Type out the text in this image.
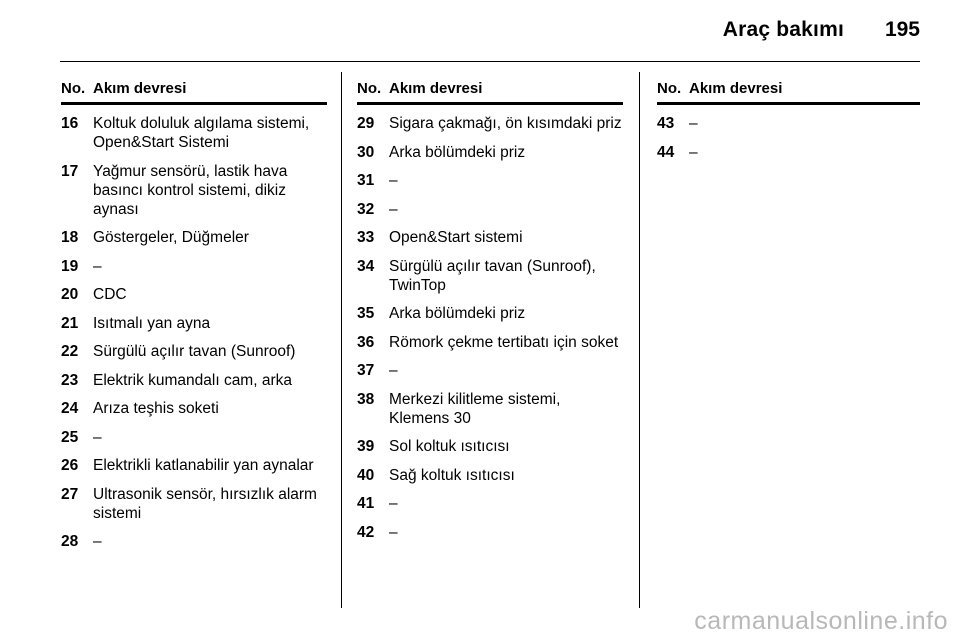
Araç bakımı 195
No. Akım devresi
16 Koltuk doluluk algılama sistemi, Open&Start Sistemi
17 Yağmur sensörü, lastik hava basıncı kontrol sistemi, dikiz aynası
18 Göstergeler, Düğmeler
19 –
20 CDC
21 Isıtmalı yan ayna
22 Sürgülü açılır tavan (Sunroof)
23 Elektrik kumandalı cam, arka
24 Arıza teşhis soketi
25 –
26 Elektrikli katlanabilir yan aynalar
27 Ultrasonik sensör, hırsızlık alarm sistemi
28 –
No. Akım devresi
29 Sigara çakmağı, ön kısımdaki priz
30 Arka bölümdeki priz
31 –
32 –
33 Open&Start sistemi
34 Sürgülü açılır tavan (Sunroof), TwinTop
35 Arka bölümdeki priz
36 Römork çekme tertibatı için soket
37 –
38 Merkezi kilitleme sistemi, Klemens 30
39 Sol koltuk ısıtıcısı
40 Sağ koltuk ısıtıcısı
41 –
42 –
No. Akım devresi
43 –
44 –
carmanualsonline.info
